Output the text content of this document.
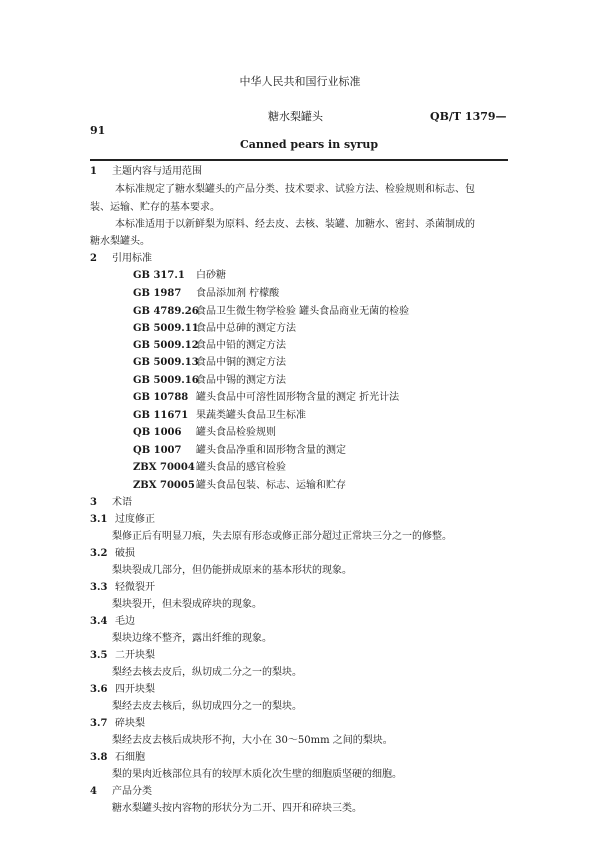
中华人民共和国行业标准
糖水梨罐头	QB/T 1379—
91
Canned pears in syrup
1 主题内容与适用范围
本标准规定了糖水梨罐头的产品分类、技术要求、试验方法、检验规则和标志、包
装、运输、贮存的基本要求。
本标准适用于以新鲜梨为原料、经去皮、去核、装罐、加糖水、密封、杀菌制成的
糖水梨罐头。
2 引用标准
GB 317.1 白砂糖
GB 1987 食品添加剂 柠檬酸
GB 4789.26食品卫生微生物学检验 罐头食品商业无菌的检验
GB 5009.11食品中总砷的测定方法
GB 5009.12食品中铅的测定方法
GB 5009.13食品中铜的测定方法
GB 5009.16食品中锡的测定方法
GB 10788 罐头食品中可溶性固形物含量的测定 折光计法
GB 11671 果蔬类罐头食品卫生标准
QB 1006 罐头食品检验规则
QB 1007 罐头食品净重和固形物含量的测定
ZBX 70004罐头食品的感官检验
ZBX 70005罐头食品包装、标志、运输和贮存
3 术语
3.1 过度修正
梨修正后有明显刀痕，失去原有形态或修正部分超过正常块三分之一的修整。
3.2 破损
梨块裂成几部分，但仍能拼成原来的基本形状的现象。
3.3 轻微裂开
梨块裂开，但未裂成碎块的现象。
3.4 毛边
梨块边缘不整齐，露出纤维的现象。
3.5 二开块梨
梨经去核去皮后，纵切成二分之一的梨块。
3.6 四开块梨
梨经去皮去核后，纵切成四分之一的梨块。
3.7 碎块梨
梨经去皮去核后成块形不拘，大小在 30～50mm 之间的梨块。
3.8 石细胞
梨的果肉近核部位具有的较厚木质化次生壁的细胞质坚硬的细胞。
4 产品分类
糖水梨罐头按内容物的形状分为二开、四开和碎块三类。
